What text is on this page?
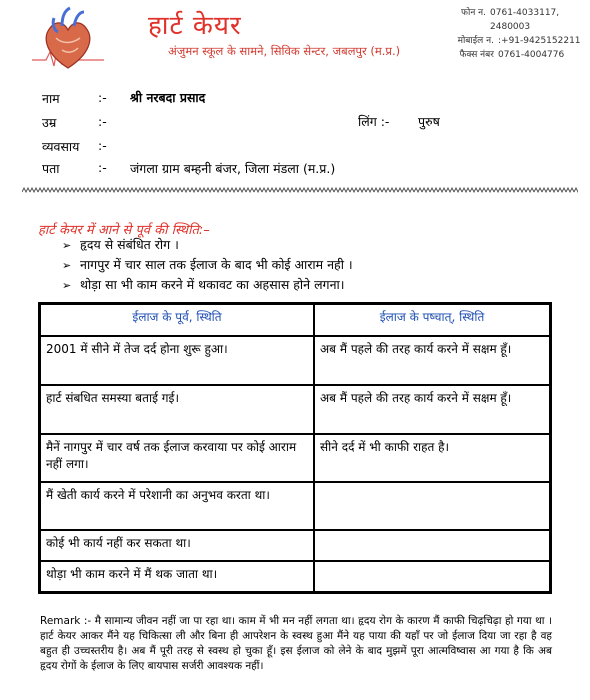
हार्ट केयर
अंजुमन स्कूल के सामने, सिविक सेन्टर, जबलपुर (म.प्र.)
फोन न. 0761-4033117, 2480003
मोबाईल न. :+91-9425152211
फैक्स नंबर 0761-4004776
नाम	:- श्री नरबदा प्रसाद
उम्र	:-	लिंग :- पुरुष
व्यवसाय :-
पता	:- जंगला ग्राम बम्हनी बंजर, जिला मंडला (म.प्र.)
हार्ट केयर में आने से पूर्व की स्थिति:–
➢ हृदय से संबंधित रोग ।
➢ नागपुर में चार साल तक ईलाज के बाद भी कोई आराम नही ।
➢ थोड़ा सा भी काम करने में थकावट का अहसास होने लगना।
ईलाज के पूर्व, स्थिति	ईलाज के पष्चात्, स्थिति
2001 में सीने में तेज दर्द होना शुरू हुआ।	अब मैं पहले की तरह कार्य करने में सक्षम हूँ।
हार्ट संबधित समस्या बताई गई।	अब मैं पहले की तरह कार्य करने में सक्षम हूँ।
मैनें नागपुर में चार वर्ष तक ईलाज करवाया पर कोई आराम नहीं लगा।	सीने दर्द में भी काफी राहत है।
मैं खेती कार्य करने में परेशानी का अनुभव करता था।	
कोई भी कार्य नहीं कर सकता था।	
थोड़ा भी काम करने में मैं थक जाता था।	
Remark :- मै सामान्य जीवन नहीं जा पा रहा था। काम में भी मन नहीं लगता था। हृदय रोग के कारण मैं काफी चिढ़चिढ़ा हो गया था । हार्ट केयर आकर मैंने यह चिकित्सा ली और बिना ही आपरेशन के स्वस्थ हुआ मैंने यह पाया की यहाँ पर जो ईलाज दिया जा रहा है वह बहुत ही उच्चस्तरीय है। अब मैं पूरी तरह से स्वस्थ हो चुका हूँ। इस ईलाज को लेने के बाद मुझमें पूरा आत्मविष्वास आ गया है कि अब हृदय रोगों के ईलाज के लिए बायपास सर्जरी आवश्यक नहीं।
